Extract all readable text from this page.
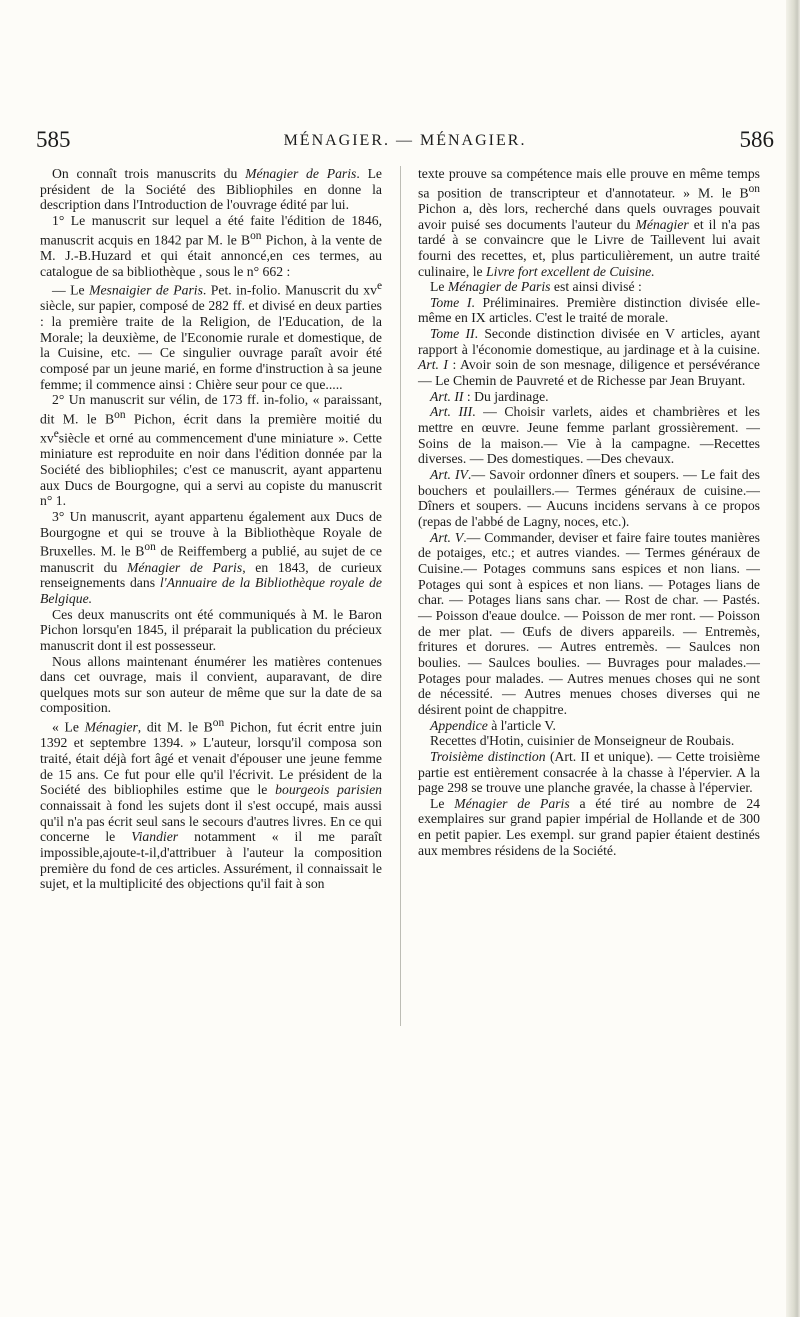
585	MÉNAGIER. — MÉNAGIER.	586

On connaît trois manuscrits du Ménagier de Paris. Le président de la Société des Bibliophiles en donne la description dans l'Introduction de l'ouvrage édité par lui.

1° Le manuscrit sur lequel a été faite l'édition de 1846, manuscrit acquis en 1842 par M. le $B^{on}$ Pichon, à la vente de M. J.-B.Huzard et qui était annoncé,en ces termes, au catalogue de sa bibliothèque , sous le n° 662 :

— Le Mesnaigier de Paris. Pet. in-folio. Manuscrit du $xv^e$ siècle, sur papier, composé de 282 ff. et divisé en deux parties : la première traite de la Religion, de l'Education, de la Morale; la deuxième, de l'Economie rurale et domestique, de la Cuisine, etc. — Ce singulier ouvrage paraît avoir été composé par un jeune marié, en forme d'instruction à sa jeune femme; il commence ainsi : Chière seur pour ce que.....

2° Un manuscrit sur vélin, de 173 ff. in-folio, « paraissant, dit M. le $B^{on}$ Pichon, écrit dans la première moitié du $xv^esiècle$ et orné au commencement d'une miniature ». Cette miniature est reproduite en noir dans l'édition donnée par la Société des bibliophiles; c'est ce manuscrit, ayant appartenu aux Ducs de Bourgogne, qui a servi au copiste du manuscrit n° 1.

3° Un manuscrit, ayant appartenu également aux Ducs de Bourgogne et qui se trouve à la Bibliothèque Royale de Bruxelles. M. le $B^{on}$ de Reiffemberg a publié, au sujet de ce manuscrit du Ménagier de Paris, en 1843, de curieux renseignements dans l'Annuaire de la Bibliothèque royale de Belgique.

Ces deux manuscrits ont été communiqués à M. le Baron Pichon lorsqu'en 1845, il préparait la publication du précieux manuscrit dont il est possesseur.

Nous allons maintenant énumérer les matières contenues dans cet ouvrage, mais il convient, auparavant, de dire quelques mots sur son auteur de même que sur la date de sa composition.

« Le Ménagier, dit M. le $B^{on}$ Pichon, fut écrit entre juin 1392 et septembre 1394. » L'auteur, lorsqu'il composa son traité, était déjà fort âgé et venait d'épouser une jeune femme de 15 ans. Ce fut pour elle qu'il l'écrivit. Le président de la Société des bibliophiles estime que le bourgeois parisien connaissait à fond les sujets dont il s'est occupé, mais aussi qu'il n'a pas écrit seul sans le secours d'autres livres. En ce qui concerne le Viandier notamment « il me paraît impossible,ajoute-t-il,d'attribuer à l'auteur la composition première du fond de ces articles. Assurément, il connaissait le sujet, et la multiplicité des objections qu'il fait à son

texte prouve sa compétence mais elle prouve en même temps sa position de transcripteur et d'annotateur. » M. le $B^{on}$ Pichon a, dès lors, recherché dans quels ouvrages pouvait avoir puisé ses documents l'auteur du Ménagier et il n'a pas tardé à se convaincre que le Livre de Taillevent lui avait fourni des recettes, et, plus particulièrement, un autre traité culinaire, le Livre fort excellent de Cuisine.

Le Ménagier de Paris est ainsi divisé :

Tome I. Préliminaires. Première distinction divisée elle-même en IX articles. C'est le traité de morale.

Tome II. Seconde distinction divisée en V articles, ayant rapport à l'économie domestique, au jardinage et à la cuisine. Art. I : Avoir soin de son mesnage, diligence et persévérance — Le Chemin de Pauvreté et de Richesse par Jean Bruyant.

Art. II : Du jardinage.

Art. III. — Choisir varlets, aides et chambrières et les mettre en œuvre. Jeune femme parlant grossièrement. — Soins de la maison.— Vie à la campagne. —Recettes diverses. — Des domestiques. —Des chevaux.

Art. IV.— Savoir ordonner dîners et soupers. — Le fait des bouchers et poulaillers.— Termes généraux de cuisine.— Dîners et soupers. — Aucuns incidens servans à ce propos (repas de l'abbé de Lagny, noces, etc.).

Art. V.— Commander, deviser et faire faire toutes manières de potaiges, etc.; et autres viandes. — Termes généraux de Cuisine.— Potages communs sans espices et non lians. — Potages qui sont à espices et non lians. — Potages lians de char. — Potages lians sans char. — Rost de char. — Pastés. — Poisson d'eaue doulce. — Poisson de mer ront. — Poisson de mer plat. — Œufs de divers appareils. — Entremès, fritures et dorures. — Autres entremès. — Saulces non boulies. — Saulces boulies. — Buvrages pour malades.— Potages pour malades. — Autres menues choses qui ne sont de nécessité. — Autres menues choses diverses qui ne désirent point de chappitre.

Appendice à l'article V.

Recettes d'Hotin, cuisinier de Monseigneur de Roubais.

Troisième distinction (Art. II et unique). — Cette troisième partie est entièrement consacrée à la chasse à l'épervier. A la page 298 se trouve une planche gravée, la chasse à l'épervier.

Le Ménagier de Paris a été tiré au nombre de 24 exemplaires sur grand papier impérial de Hollande et de 300 en petit papier. Les exempl. sur grand papier étaient destinés aux membres résidens de la Société.
